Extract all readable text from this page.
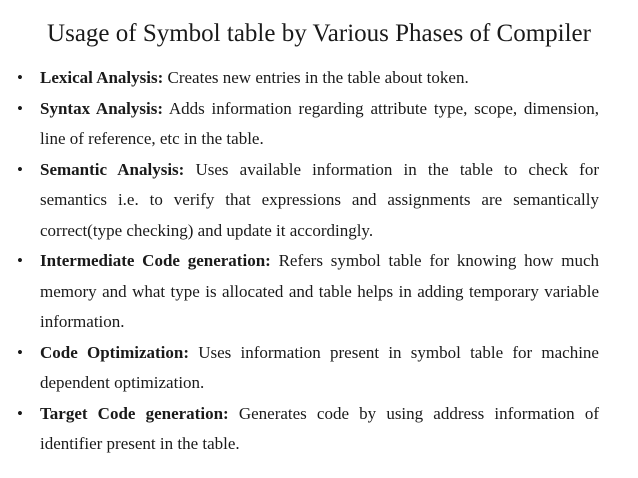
Usage of Symbol table by Various Phases of Compiler
• Lexical Analysis: Creates new entries in the table about token.
• Syntax Analysis: Adds information regarding attribute type, scope, dimension, line of reference, etc in the table.
• Semantic Analysis: Uses available information in the table to check for semantics i.e. to verify that expressions and assignments are semantically correct(type checking) and update it accordingly.
• Intermediate Code generation: Refers symbol table for knowing how much memory and what type is allocated and table helps in adding temporary variable information.
• Code Optimization: Uses information present in symbol table for machine dependent optimization.
• Target Code generation: Generates code by using address information of identifier present in the table.
